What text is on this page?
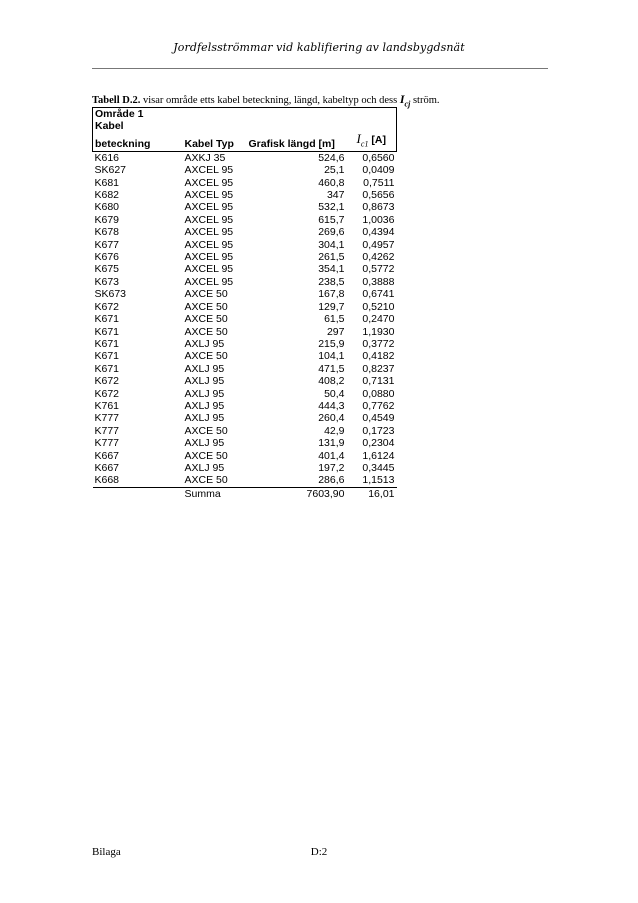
Jordfelsströmmar vid kablifiering av landsbygdsnät
Tabell D.2. visar område etts kabel beteckning, längd, kabeltyp och dess $I_{cj}$ ström.
Område 1			
Kabel			
beteckning	Kabel Typ	Grafisk längd [m]	$I_{c1}$ [A]
K616	AXKJ 35	524,6	0,6560
SK627	AXCEL 95	25,1	0,0409
K681	AXCEL 95	460,8	0,7511
K682	AXCEL 95	347	0,5656
K680	AXCEL 95	532,1	0,8673
K679	AXCEL 95	615,7	1,0036
K678	AXCEL 95	269,6	0,4394
K677	AXCEL 95	304,1	0,4957
K676	AXCEL 95	261,5	0,4262
K675	AXCEL 95	354,1	0,5772
K673	AXCEL 95	238,5	0,3888
SK673	AXCE 50	167,8	0,6741
K672	AXCE 50	129,7	0,5210
K671	AXCE 50	61,5	0,2470
K671	AXCE 50	297	1,1930
K671	AXLJ 95	215,9	0,3772
K671	AXCE 50	104,1	0,4182
K671	AXLJ 95	471,5	0,8237
K672	AXLJ 95	408,2	0,7131
K672	AXLJ 95	50,4	0,0880
K761	AXLJ 95	444,3	0,7762
K777	AXLJ 95	260,4	0,4549
K777	AXCE 50	42,9	0,1723
K777	AXLJ 95	131,9	0,2304
K667	AXCE 50	401,4	1,6124
K667	AXLJ 95	197,2	0,3445
K668	AXCE 50	286,6	1,1513
	Summa	7603,90	16,01
Bilaga	D:2
